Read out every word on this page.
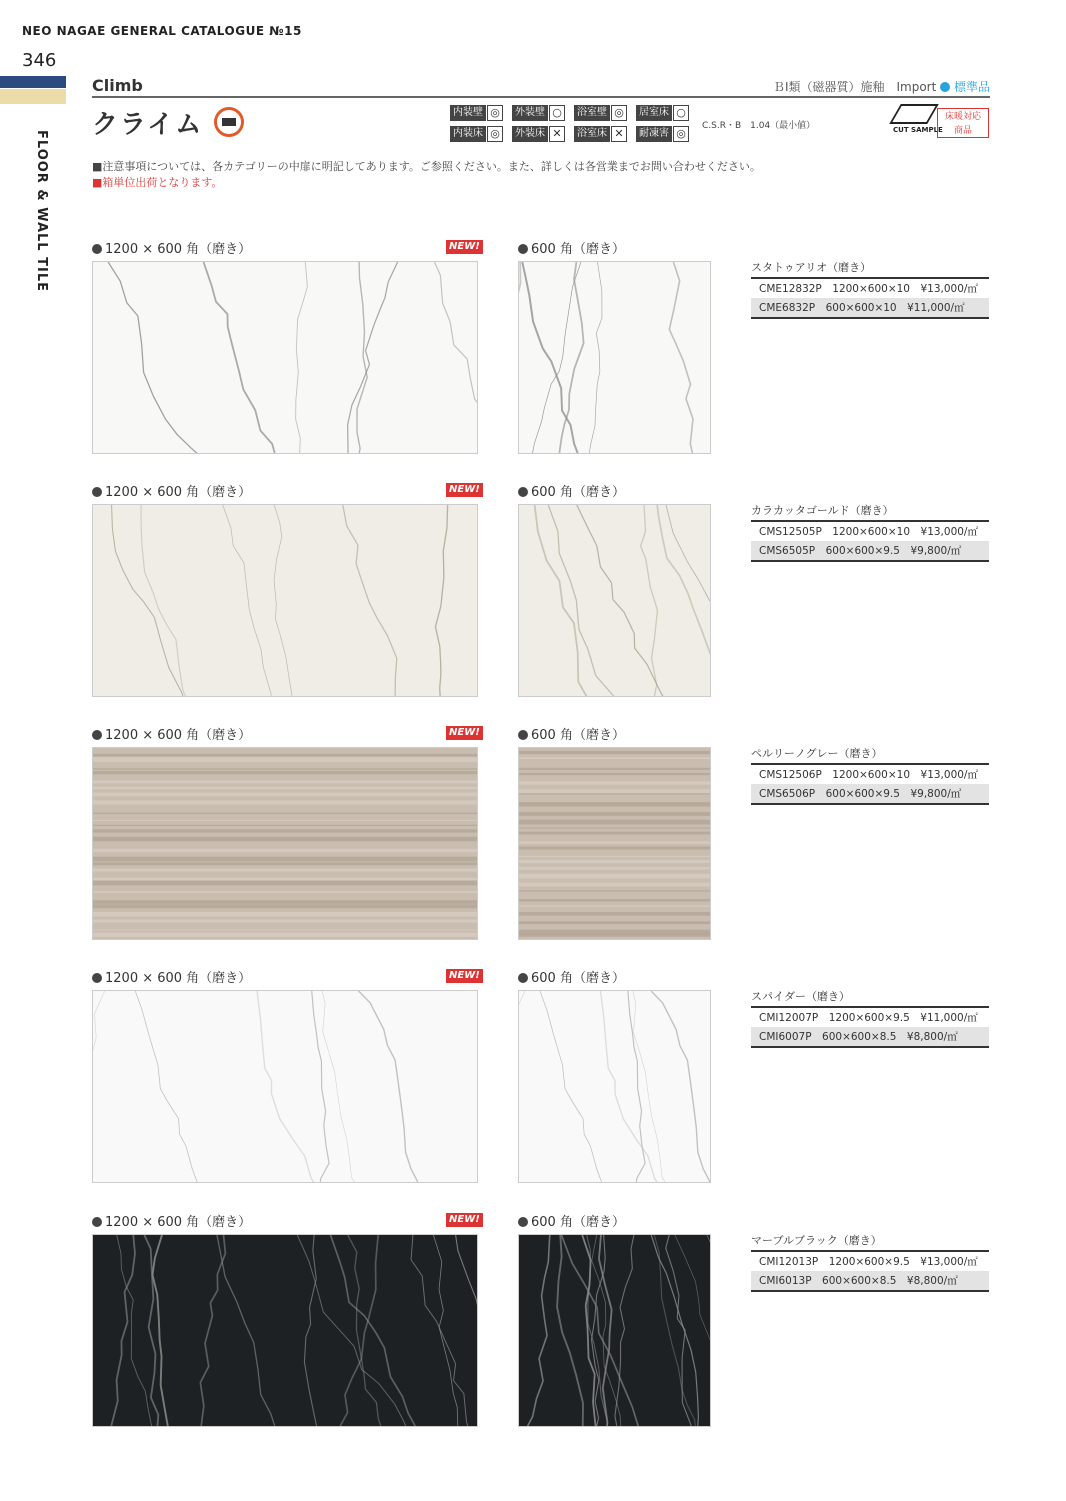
NEO NAGAE GENERAL CATALOGUE №15
346
FLOOR & WALL TILE
Climb	ＢⅠ類（磁器質）施釉　Import 標準品
クライム	内装壁 ◎	外装壁 ○	浴室壁 ◎	居室床 ○
内装床 ◎	外装床 ✕	浴室床 ✕	耐凍害 ◎
C.S.R・B　1.04（最小値）	CUT SAMPLE
床暖対応
商品
■注意事項については、各カテゴリーの中扉に明記してあります。ご参照ください。また、詳しくは各営業までお問い合わせください。
■箱単位出荷となります。
1200 × 600 角（磨き）	NEW!	600 角（磨き）
スタトゥアリオ（磨き）
CME12832P　1200×600×10　¥13,000/㎡
CME6832P　600×600×10　¥11,000/㎡
1200 × 600 角（磨き）	NEW!	600 角（磨き）
カラカッタゴールド（磨き）
CMS12505P　1200×600×10　¥13,000/㎡
CMS6505P　600×600×9.5　¥9,800/㎡
1200 × 600 角（磨き）	NEW!	600 角（磨き）
ペルリーノグレー（磨き）
CMS12506P　1200×600×10　¥13,000/㎡
CMS6506P　600×600×9.5　¥9,800/㎡
1200 × 600 角（磨き）	NEW!	600 角（磨き）
スパイダー（磨き）
CMI12007P　1200×600×9.5　¥11,000/㎡
CMI6007P　600×600×8.5　¥8,800/㎡
1200 × 600 角（磨き）	NEW!	600 角（磨き）
マーブルブラック（磨き）
CMI12013P　1200×600×9.5　¥13,000/㎡
CMI6013P　600×600×8.5　¥8,800/㎡
